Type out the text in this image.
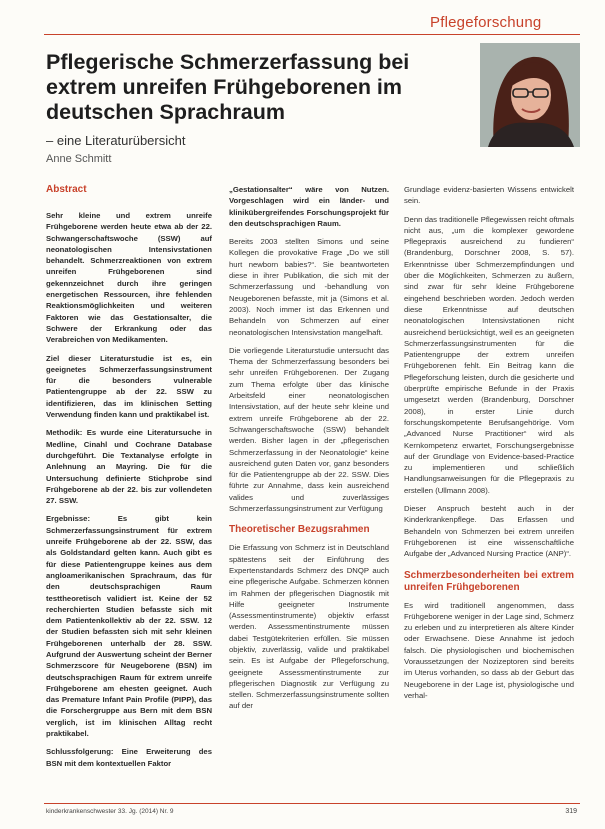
Pflegeforschung
Pflegerische Schmerzerfassung bei extrem unreifen Frühgeborenen im deutschen Sprachraum

– eine Literaturübersicht

Anne Schmitt

Abstract

Sehr kleine und extrem unreife Frühgeborene werden heute etwa ab der 22. Schwangerschaftswoche (SSW) auf neonatologischen Intensivstationen behandelt. Schmerzreaktionen von extrem unreifen Frühgeborenen sind gekennzeichnet durch ihre geringen energetischen Ressourcen, ihre fehlenden Reaktionsmöglichkeiten und weiteren Faktoren wie das Gestationsalter, die Schwere der Erkrankung oder das Verabreichen von Medikamenten.

Ziel dieser Literaturstudie ist es, ein geeignetes Schmerzerfassungsinstrument für die besonders vulnerable Patientengruppe ab der 22. SSW zu identifizieren, das im klinischen Setting Verwendung finden kann und praktikabel ist.

Methodik: Es wurde eine Literatursuche in Medline, Cinahl und Cochrane Database durchgeführt. Die Textanalyse erfolgte in Anlehnung an Mayring. Die für die Untersuchung definierte Stichprobe sind Frühgeborene ab der 22. bis zur vollendeten 27. SSW.

Ergebnisse: Es gibt kein Schmerzerfassungsinstrument für extrem unreife Frühgeborene ab der 22. SSW, das als Goldstandard gelten kann. Auch gibt es für diese Patientengruppe keines aus dem angloamerikanischen Sprachraum, das für den deutschsprachigen Raum testtheoretisch validiert ist. Keine der 52 recherchierten Studien befasste sich mit dem Patientenkollektiv ab der 22. SSW. 12 der Studien befassten sich mit sehr kleinen Frühgeborenen unterhalb der 28. SSW. Aufgrund der Auswertung scheint der Berner Schmerzscore für Neugeborene (BSN) im deutschsprachigen Raum für extrem unreife Frühgeborene am ehesten geeignet. Auch das Premature Infant Pain Profile (PIPP), das die Forschergruppe aus Bern mit dem BSN verglich, ist im klinischen Alltag recht praktikabel.

Schlussfolgerung: Eine Erweiterung des BSN mit dem kontextuellen Faktor

„Gestationsalter“ wäre von Nutzen. Vorgeschlagen wird ein länder- und klinikübergreifendes Forschungsprojekt für den deutschsprachigen Raum.

Bereits 2003 stellten Simons und seine Kollegen die provokative Frage „Do we still hurt newborn babies?“. Sie beantworteten diese in ihrer Publikation, die sich mit der Schmerzerfassung und -behandlung von Neugeborenen befasste, mit ja (Simons et al. 2003). Noch immer ist das Erkennen und Behandeln von Schmerzen auf einer neonatologischen Intensivstation mangelhaft.

Die vorliegende Literaturstudie untersucht das Thema der Schmerzerfassung besonders bei sehr unreifen Frühgeborenen. Der Zugang zum Thema erfolgte über das klinische Arbeitsfeld einer neonatologischen Intensivstation, auf der heute sehr kleine und extrem unreife Frühgeborene ab der 22. Schwangerschaftswoche (SSW) behandelt werden. Bisher lagen in der „pflegerischen Schmerzerfassung in der Neonatologie“ keine ausreichend guten Daten vor, ganz besonders für die Patientengruppe ab der 22. SSW. Dies führte zur Annahme, dass kein ausreichend valides und zuverlässiges Schmerzerfassungsinstrument zur Verfügung

Theoretischer Bezugsrahmen

Die Erfassung von Schmerz ist in Deutschland spätestens seit der Einführung des Expertenstandards Schmerz des DNQP auch eine pflegerische Aufgabe. Schmerzen können im Rahmen der pflegerischen Diagnostik mit Hilfe geeigneter Instrumente (Assessmentinstrumente) objektiv erfasst werden. Assessmentinstrumente müssen dabei Testgütekriterien erfüllen. Sie müssen objektiv, zuverlässig, valide und praktikabel sein. Es ist Aufgabe der Pflegeforschung, geeignete Assessmentinstrumente zur pflegerischen Diagnostik zur Verfügung zu stellen. Schmerzerfassungsinstrumente sollten auf der

Grundlage evidenz-basierten Wissens entwickelt sein.

Denn das traditionelle Pflegewissen reicht oftmals nicht aus, „um die komplexer gewordene Pflegepraxis ausreichend zu fundieren“ (Brandenburg, Dorschner 2008, S. 57). Erkenntnisse über Schmerzempfindungen und über die Möglichkeiten, Schmerzen zu äußern, sind zwar für sehr kleine Frühgeborene eingehend beschrieben worden. Jedoch werden diese Erkenntnisse auf deutschen neonatologischen Intensivstationen nicht ausreichend berücksichtigt, weil es an geeigneten Schmerzerfassungsinstrumenten für die Patientengruppe der extrem unreifen Frühgeborenen fehlt. Ein Beitrag kann die Pflegeforschung leisten, durch die gesicherte und überprüfte empirische Befunde in der Praxis umgesetzt werden (Brandenburg, Dorschner 2008), in erster Linie durch forschungskompetente Berufsangehörige. Vom „Advanced Nurse Practitioner“ wird als Kernkompetenz erwartet, Forschungsergebnisse auf der Grundlage von Evidence-based-Practice zu implementieren und schließlich Handlungsanweisungen für die Pflegepraxis zu erstellen (Ullmann 2008).

Dieser Anspruch besteht auch in der Kinderkrankenpflege. Das Erfassen und Behandeln von Schmerzen bei extrem unreifen Frühgeborenen ist eine wissenschaftliche Aufgabe der „Advanced Nursing Practice (ANP)“.

Schmerzbesonderheiten bei extrem unreifen Frühgeborenen

Es wird traditionell angenommen, dass Frühgeborene weniger in der Lage sind, Schmerz zu erleben und zu interpretieren als ältere Kinder oder Erwachsene. Diese Annahme ist jedoch falsch. Die physiologischen und biochemischen Voraussetzungen der Nozizeptoren sind bereits im Uterus vorhanden, so dass ab der Geburt das Neugeborene in der Lage ist, physiologische und verhal-

kinderkrankenschwester 33. Jg. (2014) Nr. 9	319
